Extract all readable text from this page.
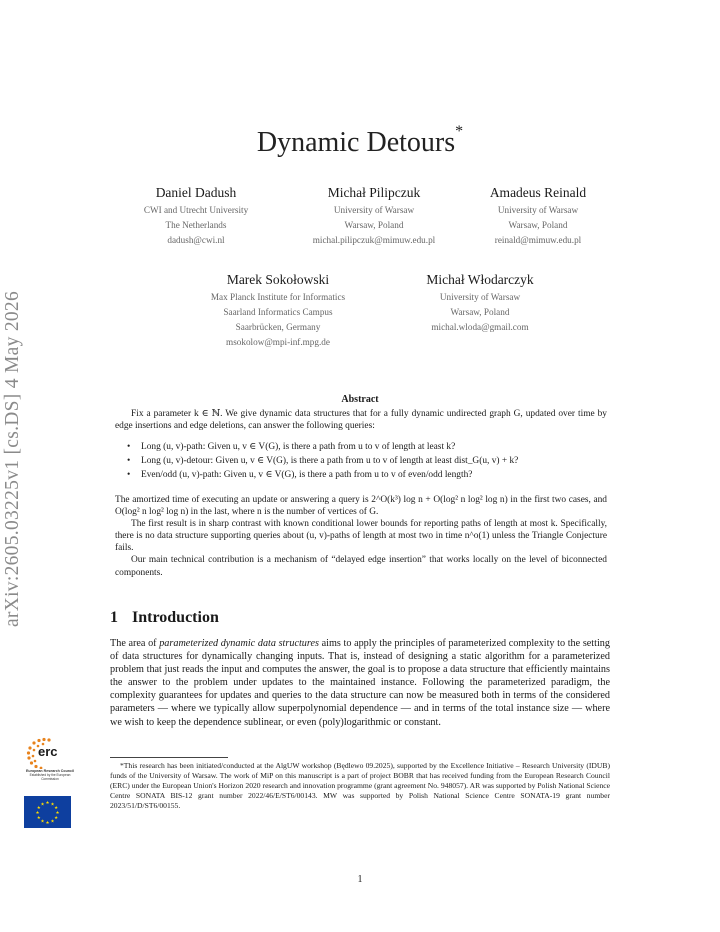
arXiv:2605.03225v1 [cs.DS] 4 May 2026
Dynamic Detours*
Daniel Dadush
CWI and Utrecht University
The Netherlands
dadush@cwi.nl
Michał Pilipczuk
University of Warsaw
Warsaw, Poland
michal.pilipczuk@mimuw.edu.pl
Amadeus Reinald
University of Warsaw
Warsaw, Poland
reinald@mimuw.edu.pl
Marek Sokołowski
Max Planck Institute for Informatics
Saarland Informatics Campus
Saarbrücken, Germany
msokolow@mpi-inf.mpg.de
Michał Włodarczyk
University of Warsaw
Warsaw, Poland
michal.wloda@gmail.com
Abstract

Fix a parameter k ∈ ℕ. We give dynamic data structures that for a fully dynamic undirected graph G, updated over time by edge insertions and edge deletions, can answer the following queries:

• Long (u, v)-path: Given u, v ∈ V(G), is there a path from u to v of length at least k?
• Long (u, v)-detour: Given u, v ∈ V(G), is there a path from u to v of length at least dist_G(u, v) + k?
• Even/odd (u, v)-path: Given u, v ∈ V(G), is there a path from u to v of even/odd length?

The amortized time of executing an update or answering a query is 2^O(k³) log n + O(log² n log² log n) in the first two cases, and O(log² n log² log n) in the last, where n is the number of vertices of G.

The first result is in sharp contrast with known conditional lower bounds for reporting paths of length at most k. Specifically, there is no data structure supporting queries about (u, v)-paths of length at most two in time n^o(1) unless the Triangle Conjecture fails.

Our main technical contribution is a mechanism of “delayed edge insertion” that works locally on the level of biconnected components.

1 Introduction
The area of parameterized dynamic data structures aims to apply the principles of parameterized complexity to the setting of data structures for dynamically changing inputs. That is, instead of designing a static algorithm for a parameterized problem that just reads the input and computes the answer, the goal is to propose a data structure that efficiently maintains the answer to the problem under updates to the maintained instance. Following the parameterized paradigm, the complexity guarantees for updates and queries to the data structure can now be measured both in terms of the considered parameters — where we typically allow superpolynomial dependence — and in terms of the total instance size — where we wish to keep the dependence sublinear, or even (poly)logarithmic or constant.
*This research has been initiated/conducted at the AlgUW workshop (Będlewo 09.2025), supported by the Excellence Initiative – Research University (IDUB) funds of the University of Warsaw. The work of MiP on this manuscript is a part of project BOBR that has received funding from the European Research Council (ERC) under the European Union's Horizon 2020 research and innovation programme (grant agreement No. 948057). AR was supported by Polish National Science Centre SONATA BIS-12 grant number 2022/46/E/ST6/00143. MW was supported by Polish National Science Centre SONATA-19 grant number 2023/51/D/ST6/00155.
erc
European Research Council
Established by the European Commission
★ ★
★
★
★
★
★
★
★
★
★
★
1
